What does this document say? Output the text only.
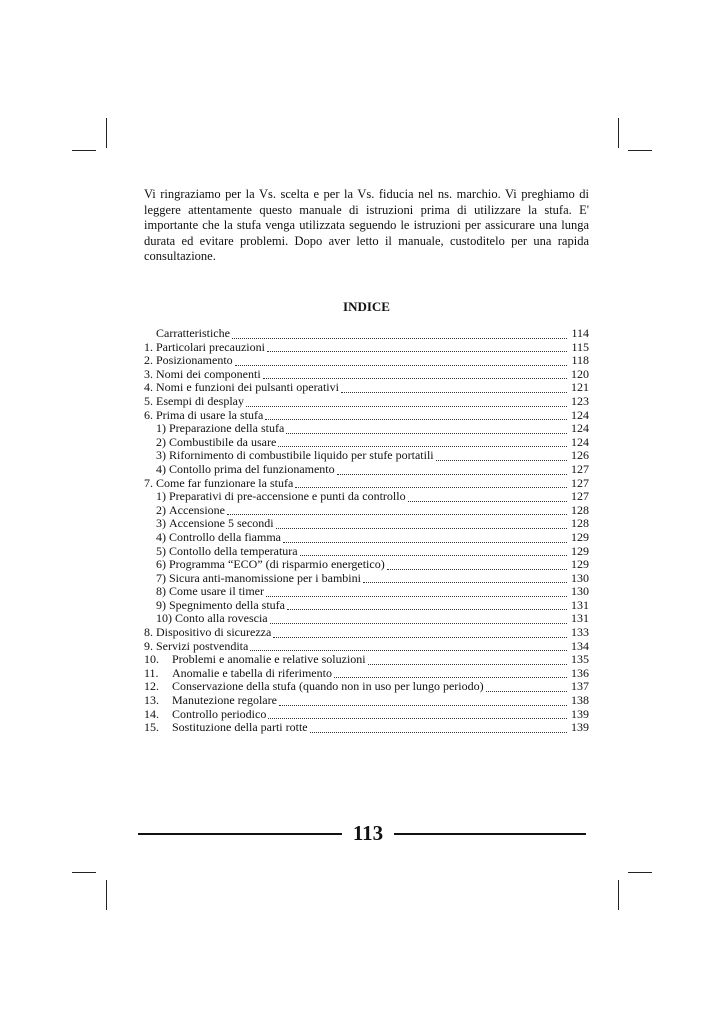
Vi ringraziamo per la Vs. scelta e per la Vs. fiducia nel ns. marchio. Vi preghiamo di
leggere attentamente questo manuale di istruzioni prima di utilizzare la stufa. E'
importante che la stufa venga utilizzata seguendo le istruzioni per assicurare una lunga
durata ed evitare problemi. Dopo aver letto il manuale, custoditelo per una rapida
consultazione.

INDICE
Carratteristiche	114
1. Particolari precauzioni	115
2. Posizionamento	118
3. Nomi dei componenti	120
4. Nomi e funzioni dei pulsanti operativi	121
5. Esempi di desplay	123
6. Prima di usare la stufa	124
1) Preparazione della stufa	124
2) Combustibile da usare	124
3) Rifornimento di combustibile liquido per stufe portatili	126
4) Contollo prima del funzionamento	127
7. Come far funzionare la stufa	127
1) Preparativi di pre-accensione e punti da controllo	127
2) Accensione	128
3) Accensione 5 secondi	128
4) Controllo della fiamma	129
5) Contollo della temperatura	129
6) Programma “ECO” (di risparmio energetico)	129
7) Sicura anti-manomissione per i bambini	130
8) Come usare il timer	130
9) Spegnimento della stufa	131
10) Conto alla rovescia	131
8. Dispositivo di sicurezza	133
9. Servizi postvendita	134
10.	Problemi e anomalie e relative soluzioni	135
11.	Anomalie e tabella di riferimento	136
12.	Conservazione della stufa (quando non in uso per lungo periodo)	137
13.	Manutezione regolare	138
14.	Controllo periodico	139
15.	Sostituzione della parti rotte	139

113
